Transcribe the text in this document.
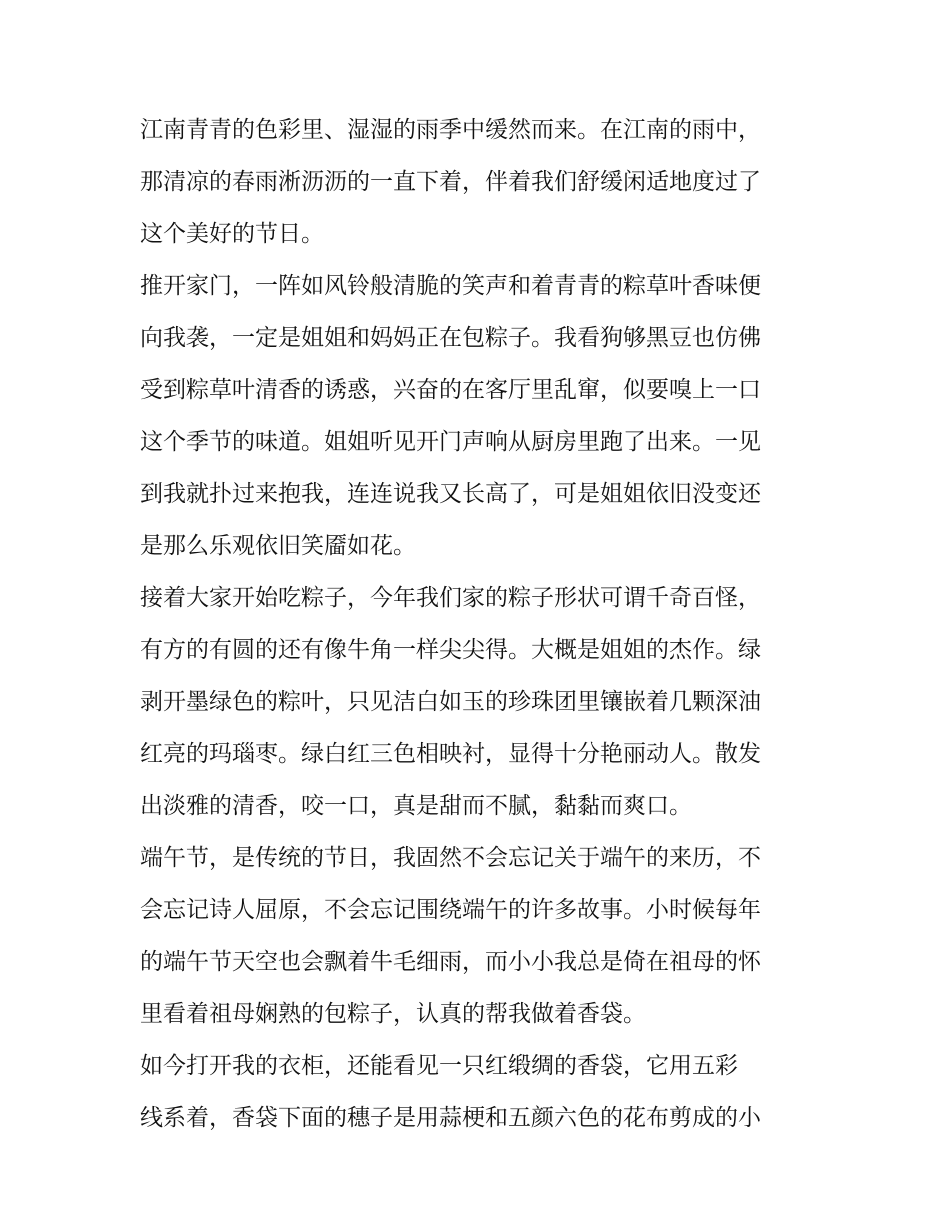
江南青青的色彩里、湿湿的雨季中缓然而来。在江南的雨中，
那清凉的春雨淅沥沥的一直下着，伴着我们舒缓闲适地度过了
这个美好的节日。
推开家门，一阵如风铃般清脆的笑声和着青青的粽草叶香味便
向我袭，一定是姐姐和妈妈正在包粽子。我看狗够黑豆也仿佛
受到粽草叶清香的诱惑，兴奋的在客厅里乱窜，似要嗅上一口
这个季节的味道。姐姐听见开门声响从厨房里跑了出来。一见
到我就扑过来抱我，连连说我又长高了，可是姐姐依旧没变还
是那么乐观依旧笑靥如花。
接着大家开始吃粽子，今年我们家的粽子形状可谓千奇百怪，
有方的有圆的还有像牛角一样尖尖得。大概是姐姐的杰作。绿
剥开墨绿色的粽叶，只见洁白如玉的珍珠团里镶嵌着几颗深油
红亮的玛瑙枣。绿白红三色相映衬，显得十分艳丽动人。散发
出淡雅的清香，咬一口，真是甜而不腻，黏黏而爽口。
端午节，是传统的节日，我固然不会忘记关于端午的来历，不
会忘记诗人屈原，不会忘记围绕端午的许多故事。小时候每年
的端午节天空也会飘着牛毛细雨，而小小我总是倚在祖母的怀
里看着祖母娴熟的包粽子，认真的帮我做着香袋。
如今打开我的衣柜，还能看见一只红缎绸的香袋，它用五彩
线系着，香袋下面的穗子是用蒜梗和五颜六色的花布剪成的小
